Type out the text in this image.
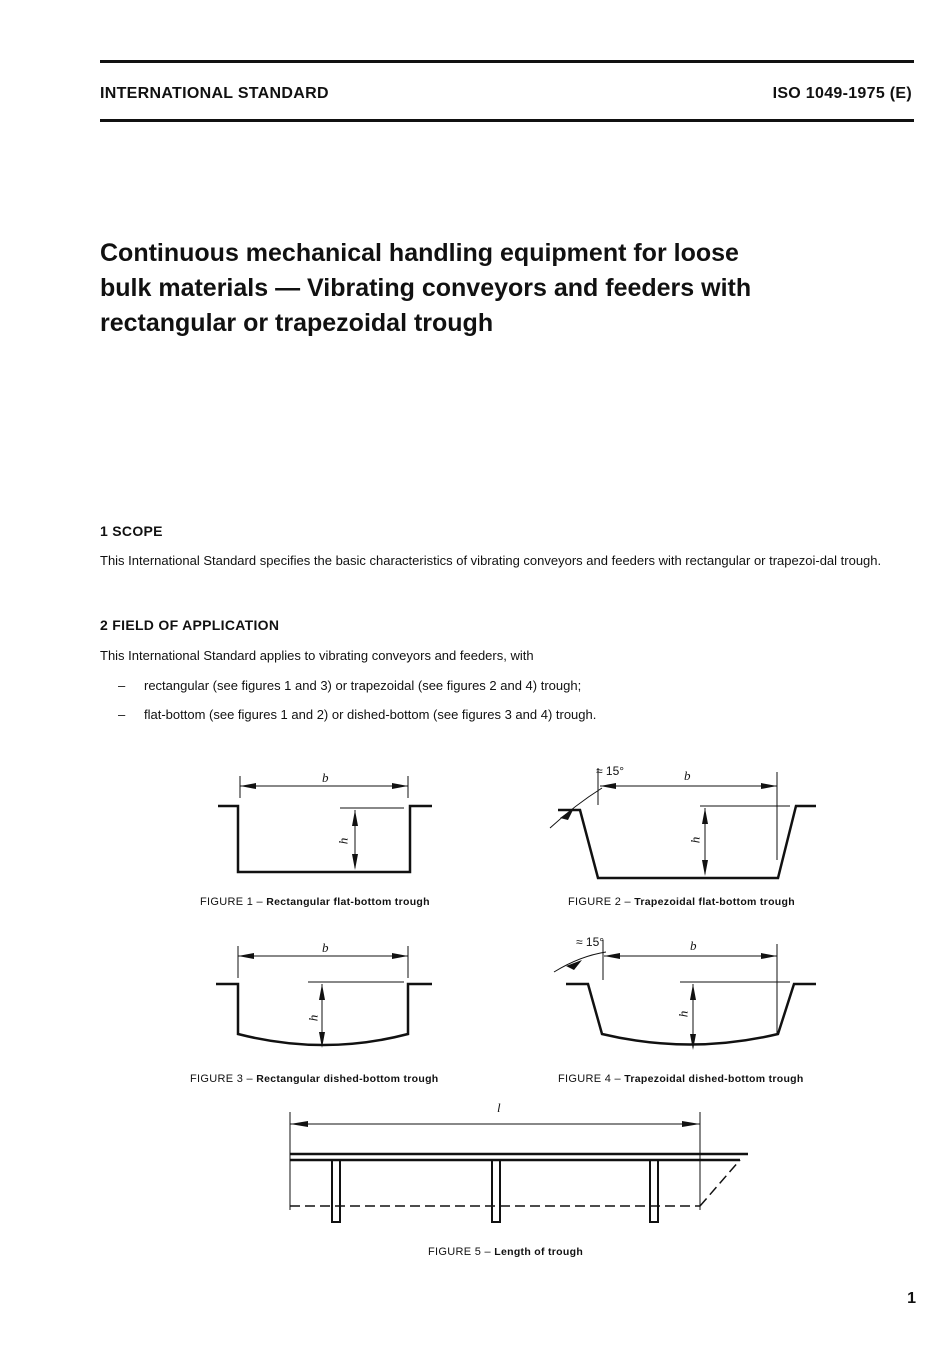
INTERNATIONAL STANDARD	ISO 1049-1975 (E)
Continuous mechanical handling equipment for loose
bulk materials — Vibrating conveyors and feeders with
rectangular or trapezoidal trough
1 SCOPE

This International Standard specifies the basic characteristics of vibrating conveyors and feeders with rectangular or trapezoi-dal trough.

2 FIELD OF APPLICATION

This International Standard applies to vibrating conveyors and feeders, with

– rectangular (see figures 1 and 3) or trapezoidal (see figures 2 and 4) trough;
– flat-bottom (see figures 1 and 2) or dished-bottom (see figures 3 and 4) trough.
b
h
FIGURE 1 – Rectangular flat-bottom trough
≈ 15°	b
h
FIGURE 2 – Trapezoidal flat-bottom trough
b
h
FIGURE 3 – Rectangular dished-bottom trough
≈ 15°	b
h
FIGURE 4 – Trapezoidal dished-bottom trough
l
FIGURE 5 – Length of trough
1
